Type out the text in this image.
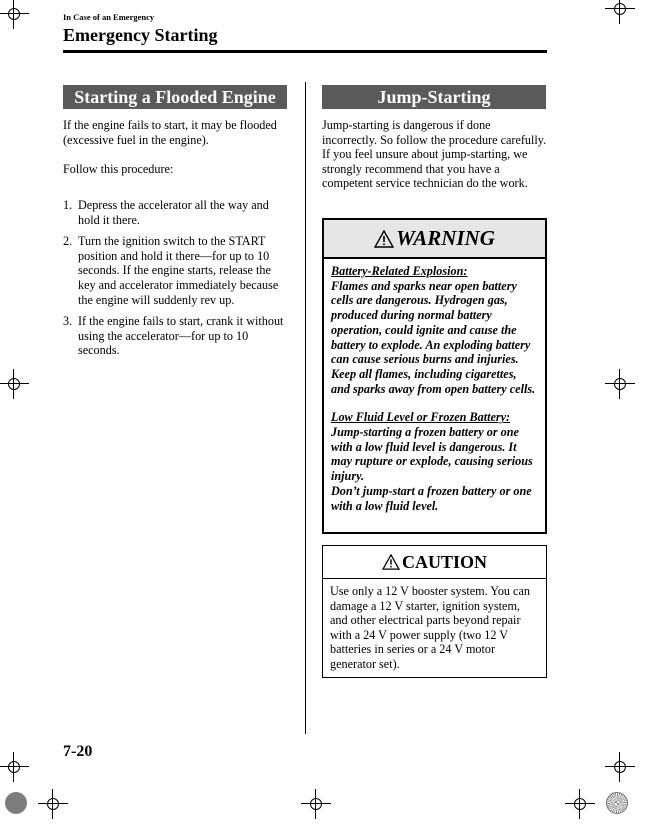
In Case of an Emergency
Emergency Starting
Starting a Flooded Engine
If the engine fails to start, it may be flooded (excessive fuel in the engine).
Follow this procedure:
1. Depress the accelerator all the way and hold it there.
2. Turn the ignition switch to the START position and hold it there—for up to 10 seconds. If the engine starts, release the key and accelerator immediately because the engine will suddenly rev up.
3. If the engine fails to start, crank it without using the accelerator—for up to 10 seconds.
Jump-Starting
Jump-starting is dangerous if done incorrectly. So follow the procedure carefully. If you feel unsure about jump-starting, we strongly recommend that you have a competent service technician do the work.
WARNING

Battery-Related Explosion:

Flames and sparks near open battery cells are dangerous. Hydrogen gas, produced during normal battery operation, could ignite and cause the battery to explode. An exploding battery can cause serious burns and injuries. Keep all flames, including cigarettes, and sparks away from open battery cells.

Low Fluid Level or Frozen Battery:

Jump-starting a frozen battery or one with a low fluid level is dangerous. It may rupture or explode, causing serious injury.

Don’t jump-start a frozen battery or one with a low fluid level.

CAUTION
Use only a 12 V booster system. You can damage a 12 V starter, ignition system, and other electrical parts beyond repair with a 24 V power supply (two 12 V batteries in series or a 24 V motor generator set).
7-20
